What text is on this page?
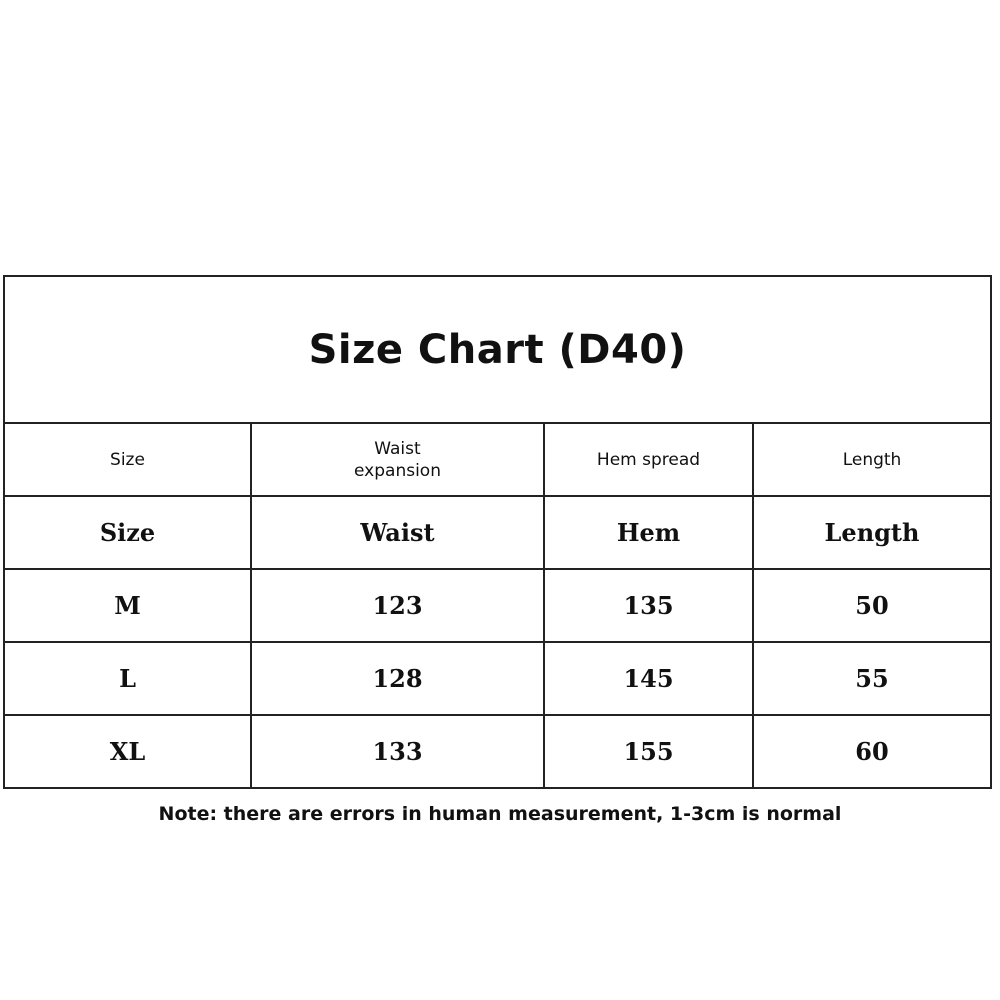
Size Chart (D40)			
Size	Waist expansion	Hem spread	Length
Size	Waist	Hem	Length
M	123	135	50
L	128	145	55
XL	133	155	60
Note: there are errors in human measurement, 1-3cm is normal
